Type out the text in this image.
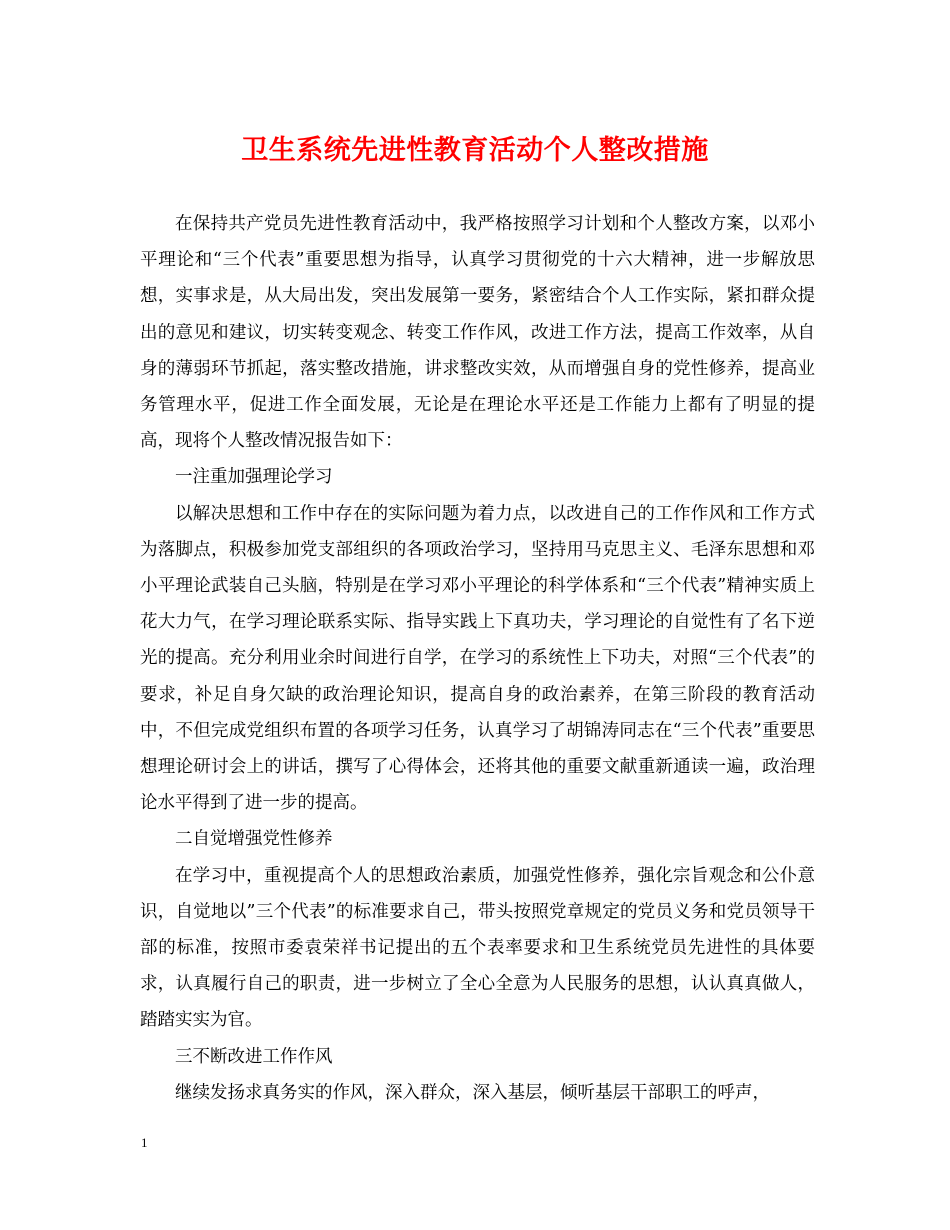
卫生系统先进性教育活动个人整改措施

在保持共产党员先进性教育活动中，我严格按照学习计划和个人整改方案，以邓小平理论和“三个代表”重要思想为指导，认真学习贯彻党的十六大精神，进一步解放思想，实事求是，从大局出发，突出发展第一要务，紧密结合个人工作实际，紧扣群众提出的意见和建议，切实转变观念、转变工作作风，改进工作方法，提高工作效率，从自身的薄弱环节抓起，落实整改措施，讲求整改实效，从而增强自身的党性修养，提高业务管理水平，促进工作全面发展，无论是在理论水平还是工作能力上都有了明显的提高，现将个人整改情况报告如下：

一注重加强理论学习

以解决思想和工作中存在的实际问题为着力点，以改进自己的工作作风和工作方式为落脚点，积极参加党支部组织的各项政治学习，坚持用马克思主义、毛泽东思想和邓小平理论武装自己头脑，特别是在学习邓小平理论的科学体系和“三个代表”精神实质上花大力气，在学习理论联系实际、指导实践上下真功夫，学习理论的自觉性有了名下逆光的提高。充分利用业余时间进行自学，在学习的系统性上下功夫，对照“三个代表”的要求，补足自身欠缺的政治理论知识，提高自身的政治素养，在第三阶段的教育活动中，不但完成党组织布置的各项学习任务，认真学习了胡锦涛同志在“三个代表”重要思想理论研讨会上的讲话，撰写了心得体会，还将其他的重要文献重新通读一遍，政治理论水平得到了进一步的提高。

二自觉增强党性修养

在学习中，重视提高个人的思想政治素质，加强党性修养，强化宗旨观念和公仆意识，自觉地以”三个代表”的标准要求自己，带头按照党章规定的党员义务和党员领导干部的标准，按照市委袁荣祥书记提出的五个表率要求和卫生系统党员先进性的具体要求，认真履行自己的职责，进一步树立了全心全意为人民服务的思想，认认真真做人，踏踏实实为官。

三不断改进工作作风

继续发扬求真务实的作风，深入群众，深入基层，倾听基层干部职工的呼声，

1
